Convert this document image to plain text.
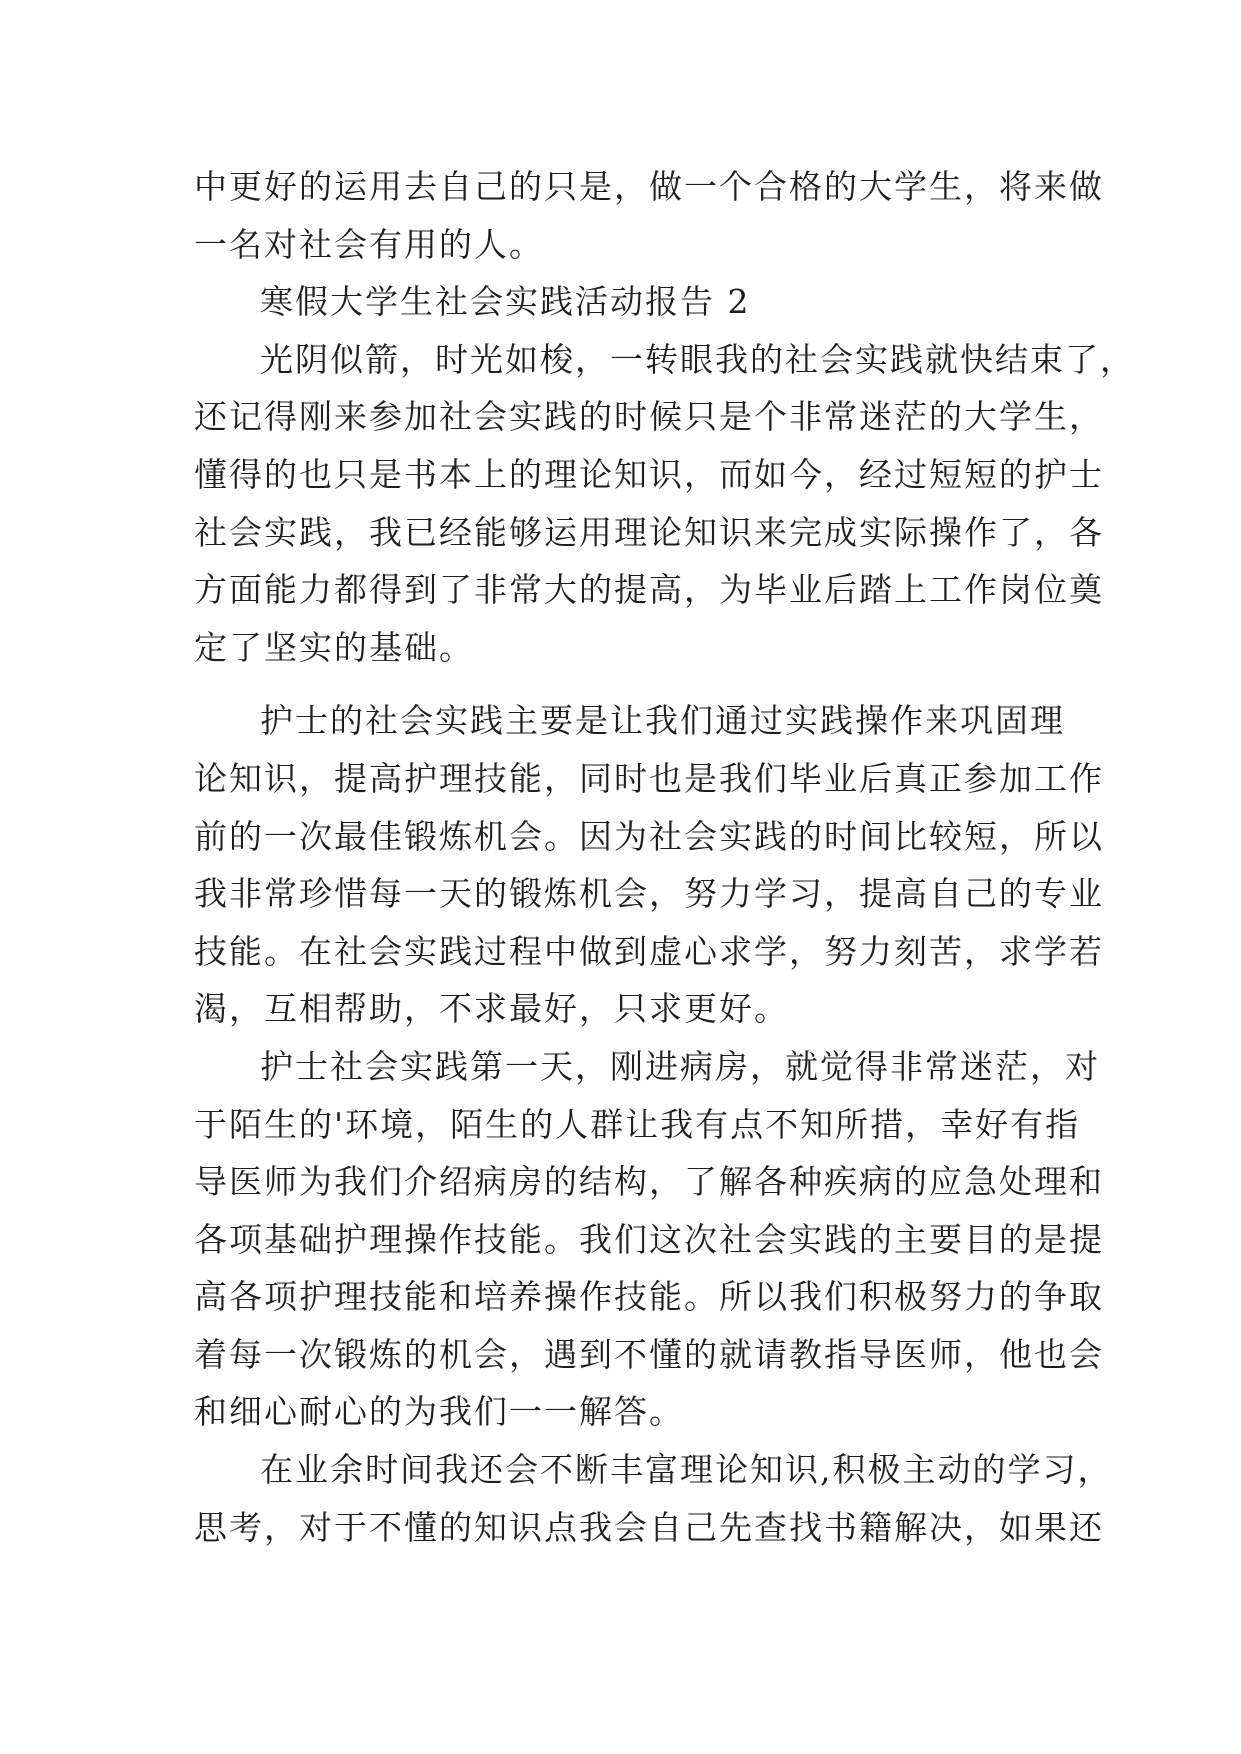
中更好的运用去自己的只是，做一个合格的大学生，将来做
一名对社会有用的人。
寒假大学生社会实践活动报告 2
光阴似箭，时光如梭，一转眼我的社会实践就快结束了，
还记得刚来参加社会实践的时候只是个非常迷茫的大学生，
懂得的也只是书本上的理论知识，而如今，经过短短的护士
社会实践，我已经能够运用理论知识来完成实际操作了，各
方面能力都得到了非常大的提高，为毕业后踏上工作岗位奠
定了坚实的基础。
护士的社会实践主要是让我们通过实践操作来巩固理
论知识，提高护理技能，同时也是我们毕业后真正参加工作
前的一次最佳锻炼机会。因为社会实践的时间比较短，所以
我非常珍惜每一天的锻炼机会，努力学习，提高自己的专业
技能。在社会实践过程中做到虚心求学，努力刻苦，求学若
渴，互相帮助，不求最好，只求更好。
护士社会实践第一天，刚进病房，就觉得非常迷茫，对
于陌生的'环境，陌生的人群让我有点不知所措，幸好有指
导医师为我们介绍病房的结构，了解各种疾病的应急处理和
各项基础护理操作技能。我们这次社会实践的主要目的是提
高各项护理技能和培养操作技能。所以我们积极努力的争取
着每一次锻炼的机会，遇到不懂的就请教指导医师，他也会
和细心耐心的为我们一一解答。
在业余时间我还会不断丰富理论知识,积极主动的学习，
思考，对于不懂的知识点我会自己先查找书籍解决，如果还
